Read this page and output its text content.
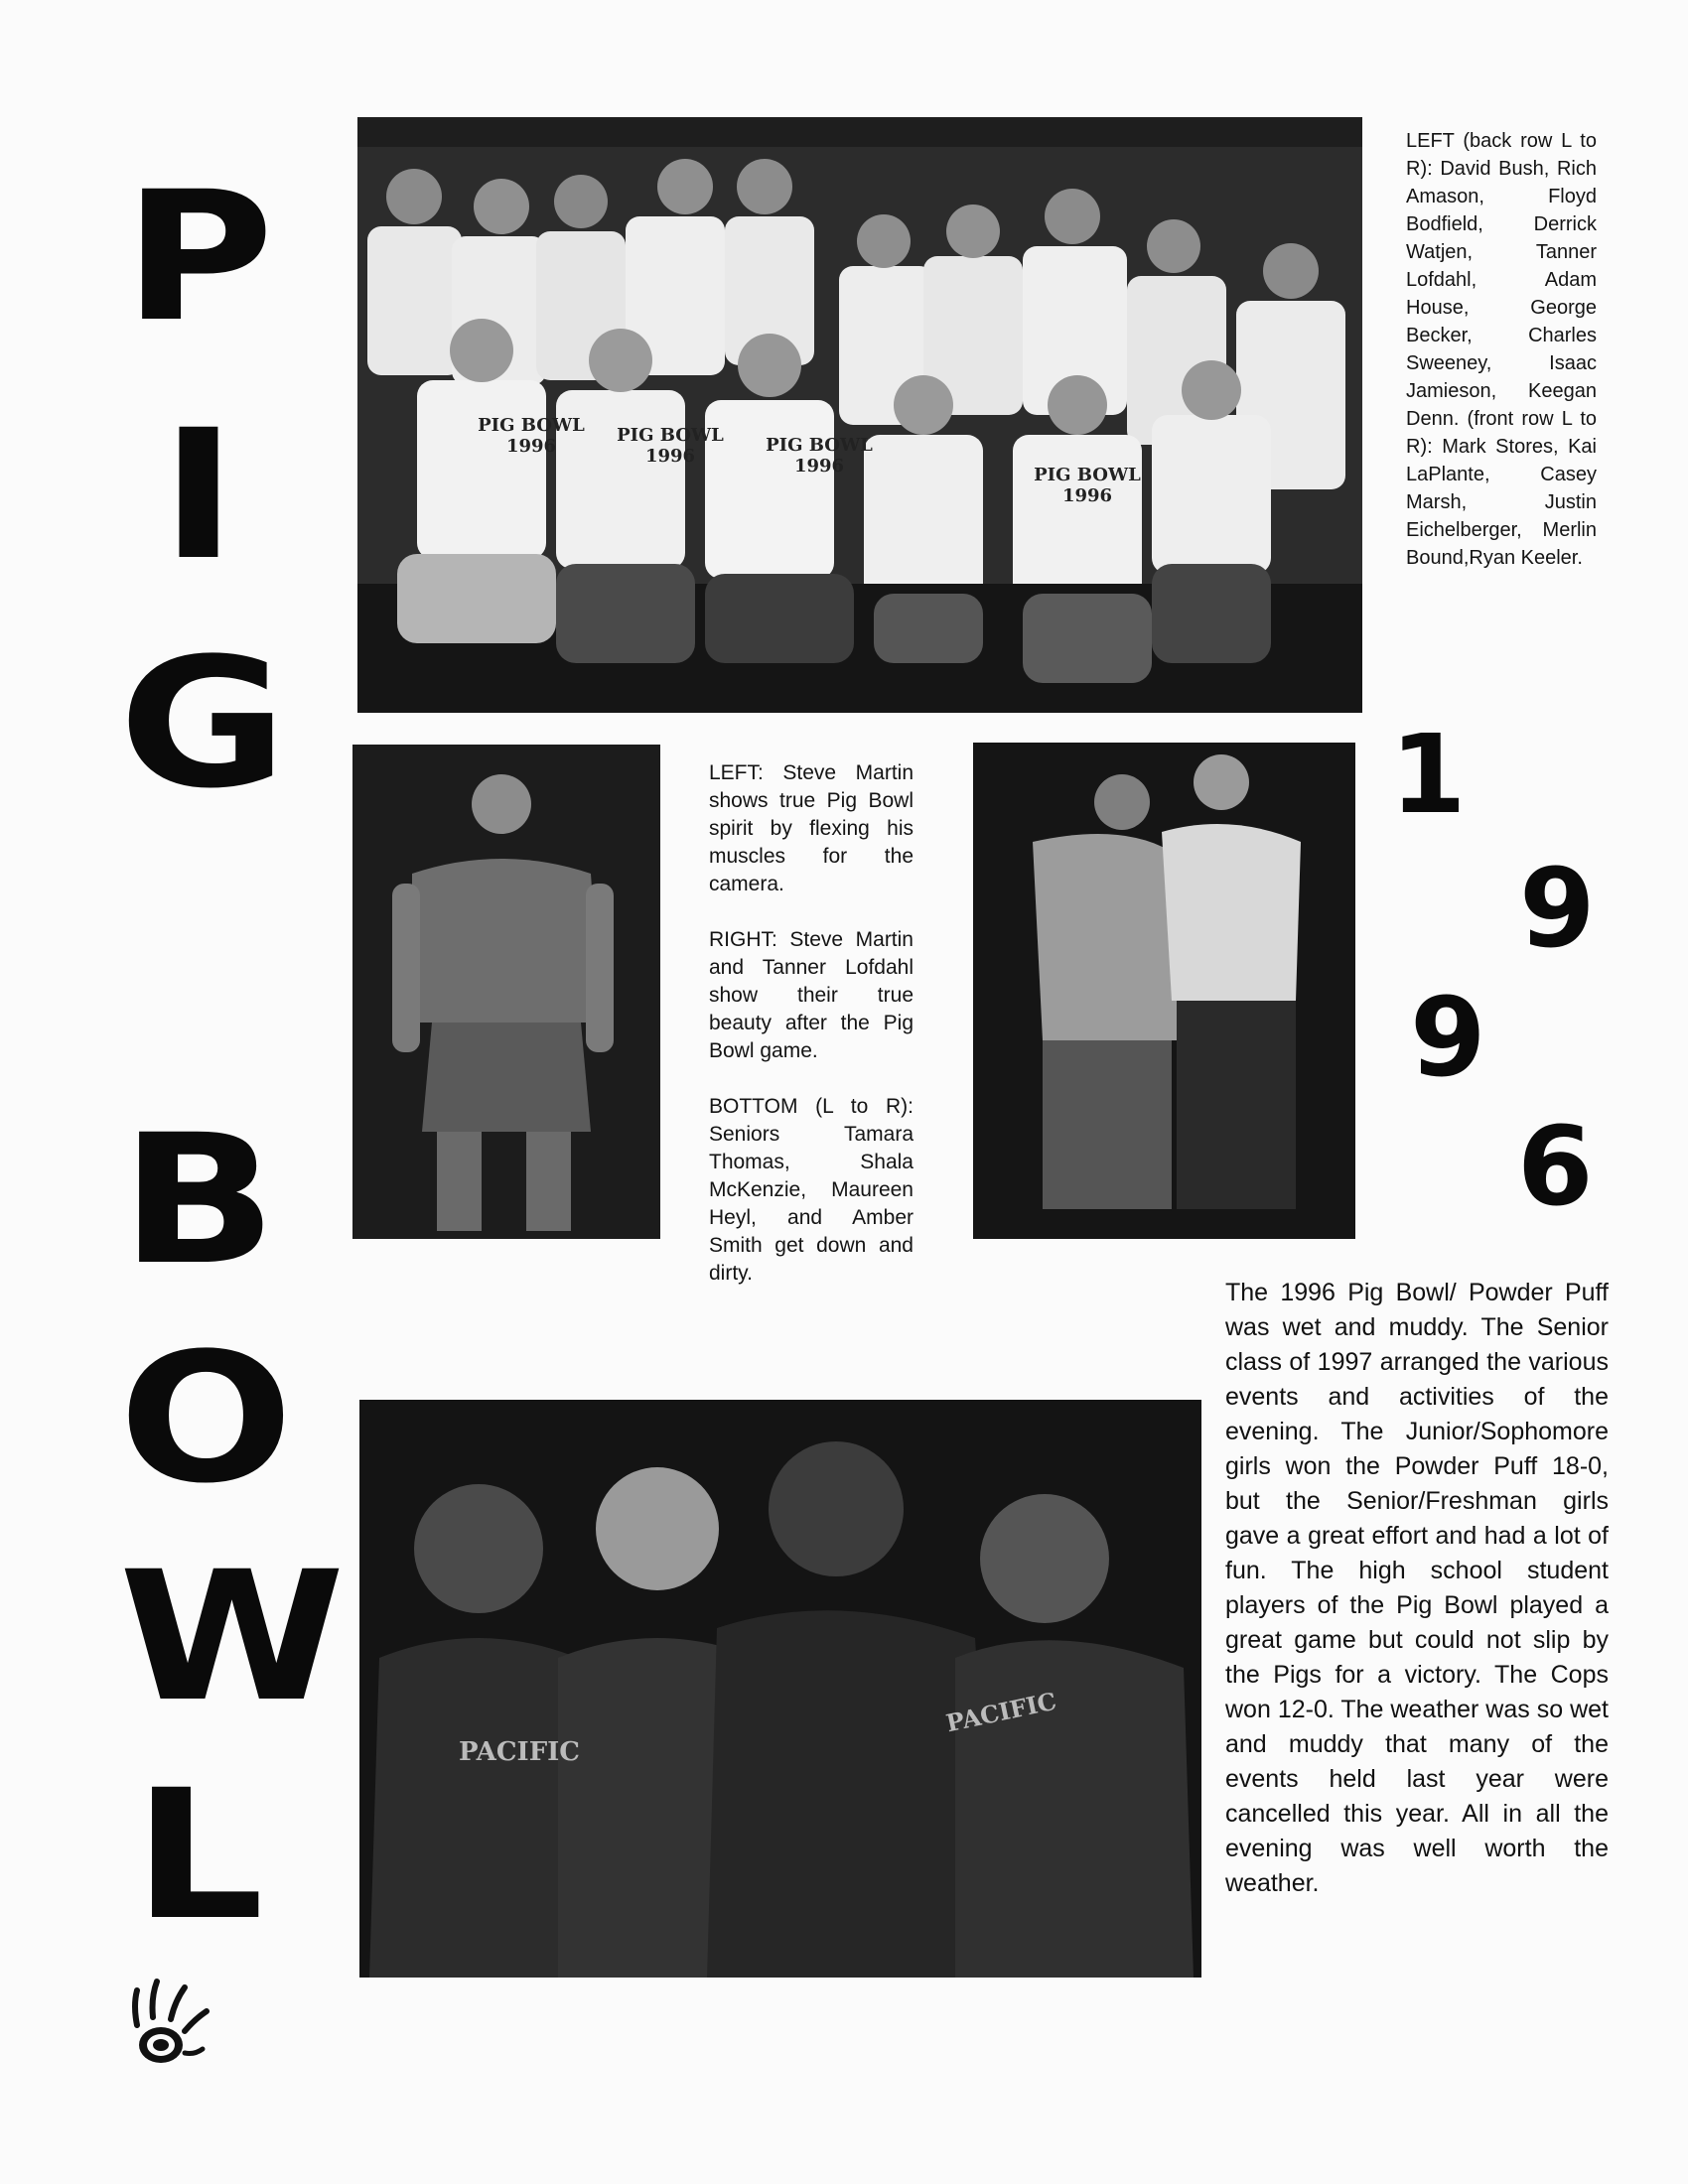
P
I
G
B
O
W
L
PIG BOWL
1996
PIG BOWL
1996
PIG BOWL
1996	PIG BOWL
1996
LEFT (back row L to R): David Bush, Rich Amason, Floyd Bodfield, Derrick Watjen, Tanner Lofdahl, Adam House, George Becker, Charles Sweeney, Isaac Jamieson, Keegan Denn. (front row L to R): Mark Stores, Kai LaPlante, Casey Marsh, Justin Eichelberger, Merlin Bound,Ryan Keeler.

LEFT: Steve Martin shows true Pig Bowl spirit by flexing his muscles for the camera.

RIGHT: Steve Martin and Tanner Lofdahl show their true beauty after the Pig Bowl game.

BOTTOM (L to R): Seniors Tamara Thomas, Shala McKenzie, Maureen Heyl, and Amber Smith get down and dirty.

1
9
9
6
PACIFIC
PACIFIC
The 1996 Pig Bowl/ Powder Puff was wet and muddy. The Senior class of 1997 arranged the various events and activities of the evening. The Junior/Sophomore girls won the Powder Puff 18-0, but the Senior/Freshman girls gave a great effort and had a lot of fun. The high school student players of the Pig Bowl played a great game but could not slip by the Pigs for a victory. The Cops won 12-0. The weather was so wet and muddy that many of the events held last year were cancelled this year. All in all the evening was well worth the weather.
